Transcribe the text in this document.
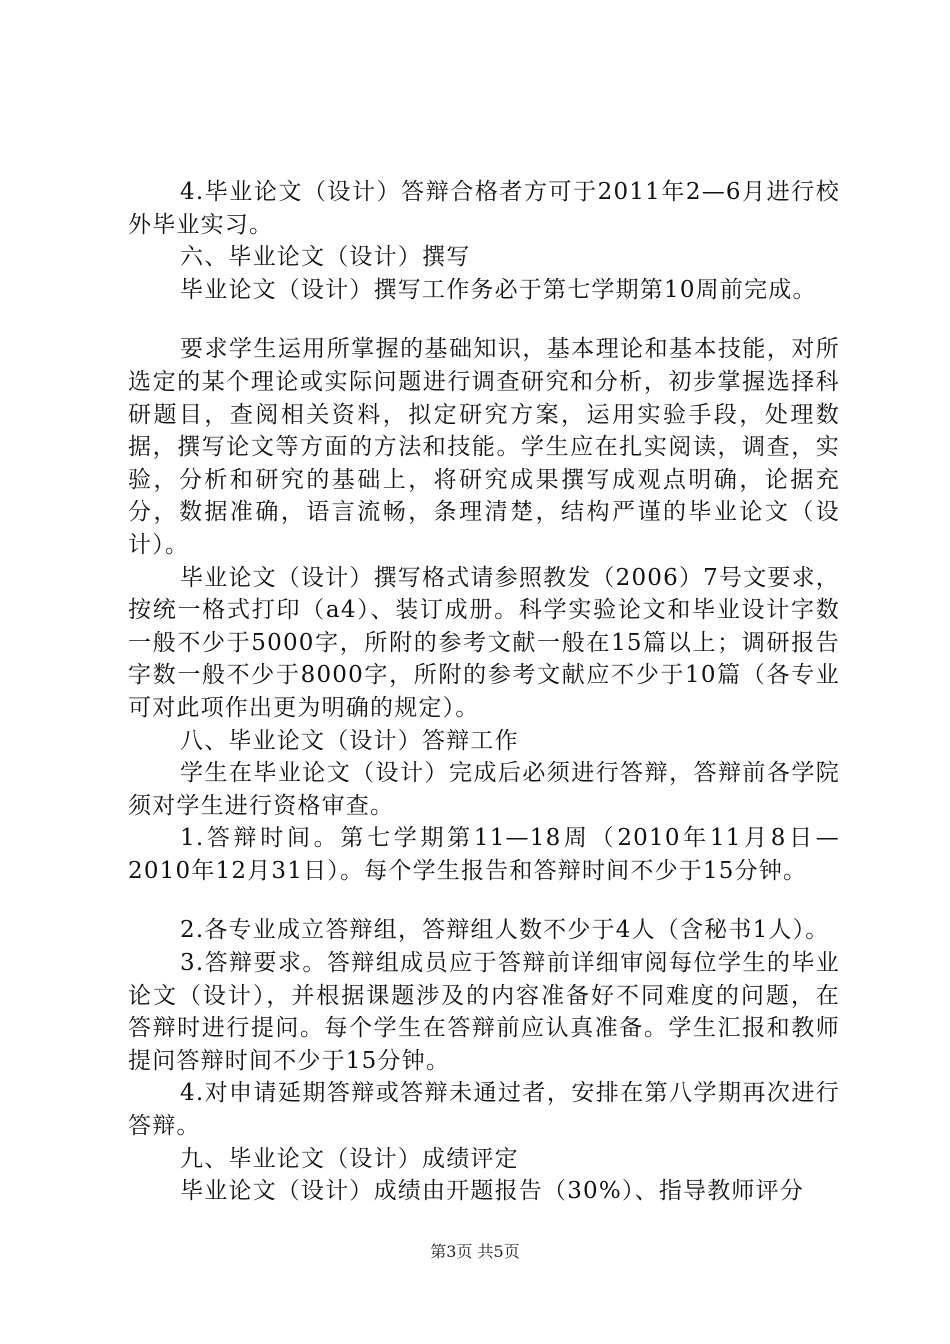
4.毕业论文（设计）答辩合格者方可于2011年2—6月进行校外毕业实习。

六、毕业论文（设计）撰写

毕业论文（设计）撰写工作务必于第七学期第10周前完成。

要求学生运用所掌握的基础知识，基本理论和基本技能，对所选定的某个理论或实际问题进行调查研究和分析，初步掌握选择科研题目，查阅相关资料，拟定研究方案，运用实验手段，处理数据，撰写论文等方面的方法和技能。学生应在扎实阅读，调查，实验，分析和研究的基础上，将研究成果撰写成观点明确，论据充分，数据准确，语言流畅，条理清楚，结构严谨的毕业论文（设计）。

毕业论文（设计）撰写格式请参照教发（2006）7号文要求，按统一格式打印（a4）、装订成册。科学实验论文和毕业设计字数一般不少于5000字，所附的参考文献一般在15篇以上；调研报告字数一般不少于8000字，所附的参考文献应不少于10篇（各专业可对此项作出更为明确的规定）。

八、毕业论文（设计）答辩工作

学生在毕业论文（设计）完成后必须进行答辩，答辩前各学院须对学生进行资格审查。

1.答辩时间。第七学期第11—18周（2010年11月8日—2010年12月31日）。每个学生报告和答辩时间不少于15分钟。

2.各专业成立答辩组，答辩组人数不少于4人（含秘书1人）。

3.答辩要求。答辩组成员应于答辩前详细审阅每位学生的毕业论文（设计），并根据课题涉及的内容准备好不同难度的问题，在答辩时进行提问。每个学生在答辩前应认真准备。学生汇报和教师提问答辩时间不少于15分钟。

4.对申请延期答辩或答辩未通过者，安排在第八学期再次进行答辩。

九、毕业论文（设计）成绩评定

毕业论文（设计）成绩由开题报告（30%）、指导教师评分

第3页 共5页
